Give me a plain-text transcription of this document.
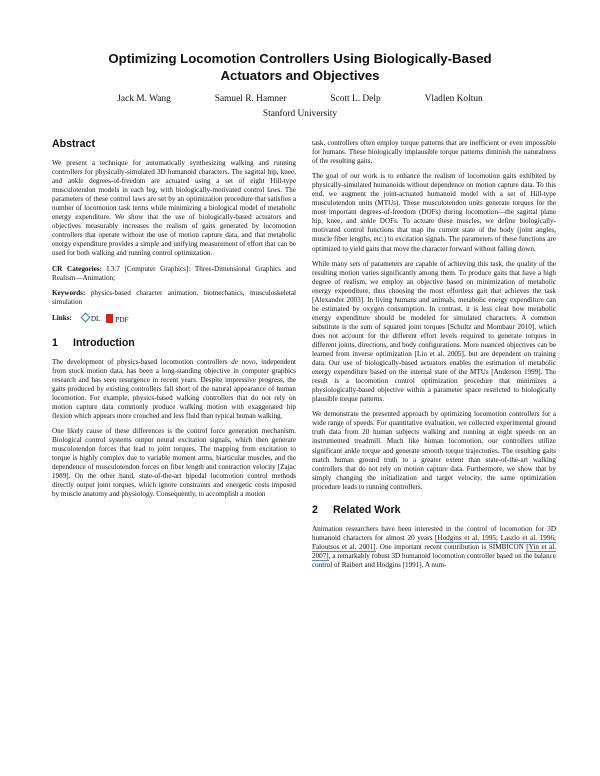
Optimizing Locomotion Controllers Using Biologically-Based
Actuators and Objectives
Jack M. Wang	Samuel R. Hamner	Scott L. Delp	Vladlen Koltun
Stanford University
Abstract

We present a technique for automatically synthesizing walking and running controllers for physically-simulated 3D humanoid characters. The sagittal hip, knee, and ankle degrees-of-freedom are actuated using a set of eight Hill-type musculotendon models in each leg, with biologically-motivated control laws. The parameters of these control laws are set by an optimization procedure that satisfies a number of locomotion task terms while minimizing a biological model of metabolic energy expenditure. We show that the use of biologically-based actuators and objectives measurably increases the realism of gaits generated by locomotion controllers that operate without the use of motion capture data, and that metabolic energy expenditure provides a simple and unifying measurement of effort that can be used for both walking and running control optimization.

CR Categories: I.3.7 [Computer Graphics]: Three-Dimensional Graphics and Realism—Animation;
Keywords: physics-based character animation, biomechanics, musculoskeletal simulation
Links:	DL	PDF
1 Introduction

The development of physics-based locomotion controllers de novo, independent from stock motion data, has been a long-standing objective in computer graphics research and has seen resurgence in recent years. Despite impressive progress, the gaits produced by existing controllers fall short of the natural appearance of human locomotion. For example, physics-based walking controllers that do not rely on motion capture data commonly produce walking motion with exaggerated hip flexion which appears more crouched and less fluid than typical human walking.

One likely cause of these differences is the control force generation mechanism. Biological control systems output neural excitation signals, which then generate musculotendon forces that lead to joint torques. The mapping from excitation to torque is highly complex due to variable moment arms, biarticular muscles, and the dependence of musculotendon forces on fiber length and contraction velocity [Zajac 1989]. On the other hand, state-of-the-art bipedal locomotion control methods directly output joint torques, which ignore constraints and energetic costs imposed by muscle anatomy and physiology. Consequently, to accomplish a motion

task, controllers often employ torque patterns that are inefficient or even impossible for humans. These biologically implausible torque patterns diminish the naturalness of the resulting gaits.

The goal of our work is to enhance the realism of locomotion gaits exhibited by physically-simulated humanoids without dependence on motion capture data. To this end, we augment the joint-actuated humanoid model with a set of Hill-type musculotendon units (MTUs). These musculotendon units generate torques for the most important degrees-of-freedom (DOFs) during locomotion—the sagittal plane hip, knee, and ankle DOFs. To actuate these muscles, we define biologically-motivated control functions that map the current state of the body (joint angles, muscle fiber lengths, etc.) to excitation signals. The parameters of these functions are optimized to yield gaits that move the character forward without falling down.

While many sets of parameters are capable of achieving this task, the quality of the resulting motion varies significantly among them. To produce gaits that have a high degree of realism, we employ an objective based on minimization of metabolic energy expenditure, thus choosing the most effortless gait that achieves the task [Alexander 2003]. In living humans and animals, metabolic energy expenditure can be estimated by oxygen consumption. In contrast, it is less clear how metabolic energy expenditure should be modeled for simulated characters. A common substitute is the sum of squared joint torques [Schultz and Mombaur 2010], which does not account for the different effort levels required to generate torques in different joints, directions, and body configurations. More nuanced objectives can be learned from inverse optimization [Liu et al. 2005], but are dependent on training data. Our use of biologically-based actuators enables the estimation of metabolic energy expenditure based on the internal state of the MTUs [Anderson 1999]. The result is a locomotion control optimization procedure that minimizes a physiologically-based objective within a parameter space restricted to biologically plausible torque patterns.

We demonstrate the presented approach by optimizing locomotion controllers for a wide range of speeds. For quantitative evaluation, we collected experimental ground truth data from 20 human subjects walking and running at eight speeds on an instrumented treadmill. Much like human locomotion, our controllers utilize significant ankle torque and generate smooth torque trajectories. The resulting gaits match human ground truth to a greater extent than state-of-the-art walking controllers that do not rely on motion capture data. Furthermore, we show that by simply changing the initialization and target velocity, the same optimization procedure leads to running controllers.

2 Related Work

Animation researchers have been interested in the control of locomotion for 3D humanoid characters for almost 20 years [Hodgins et al. 1995; Laszlo et al. 1996; Faloutsos et al. 2001]. One important recent contribution is SIMBICON [Yin et al. 2007], a remarkably robust 3D humanoid locomotion controller based on the balance control of Raibert and Hodgins [1991]. A num-
